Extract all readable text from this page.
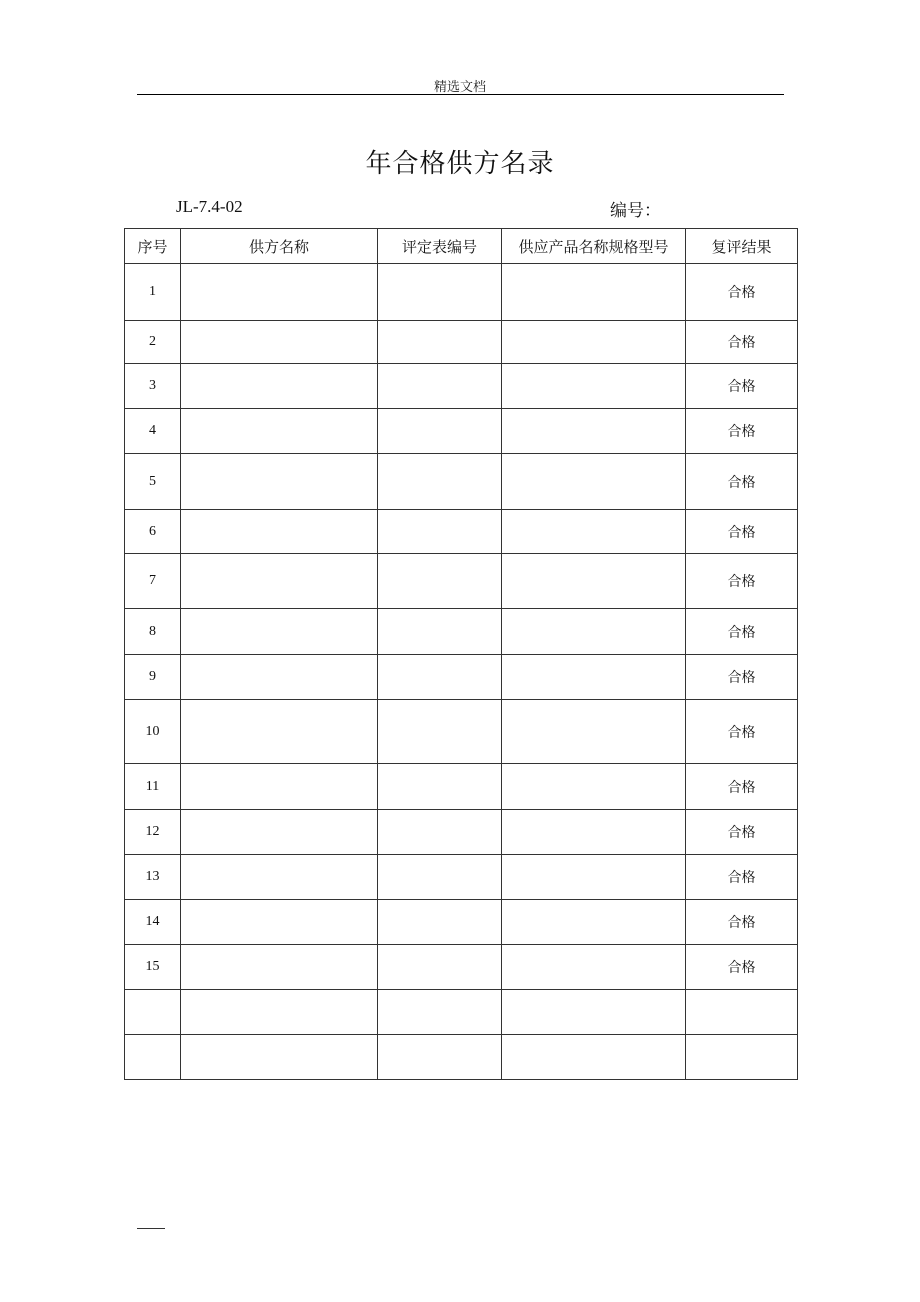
精选文档
年合格供方名录
JL-7.4-02	编号：
序号	供方名称	评定表编号	供应产品名称规格型号	复评结果
1				合格
2				合格
3				合格
4				合格
5				合格
6				合格
7				合格
8				合格
9				合格
10				合格
11				合格
12				合格
13				合格
14				合格
15				合格
